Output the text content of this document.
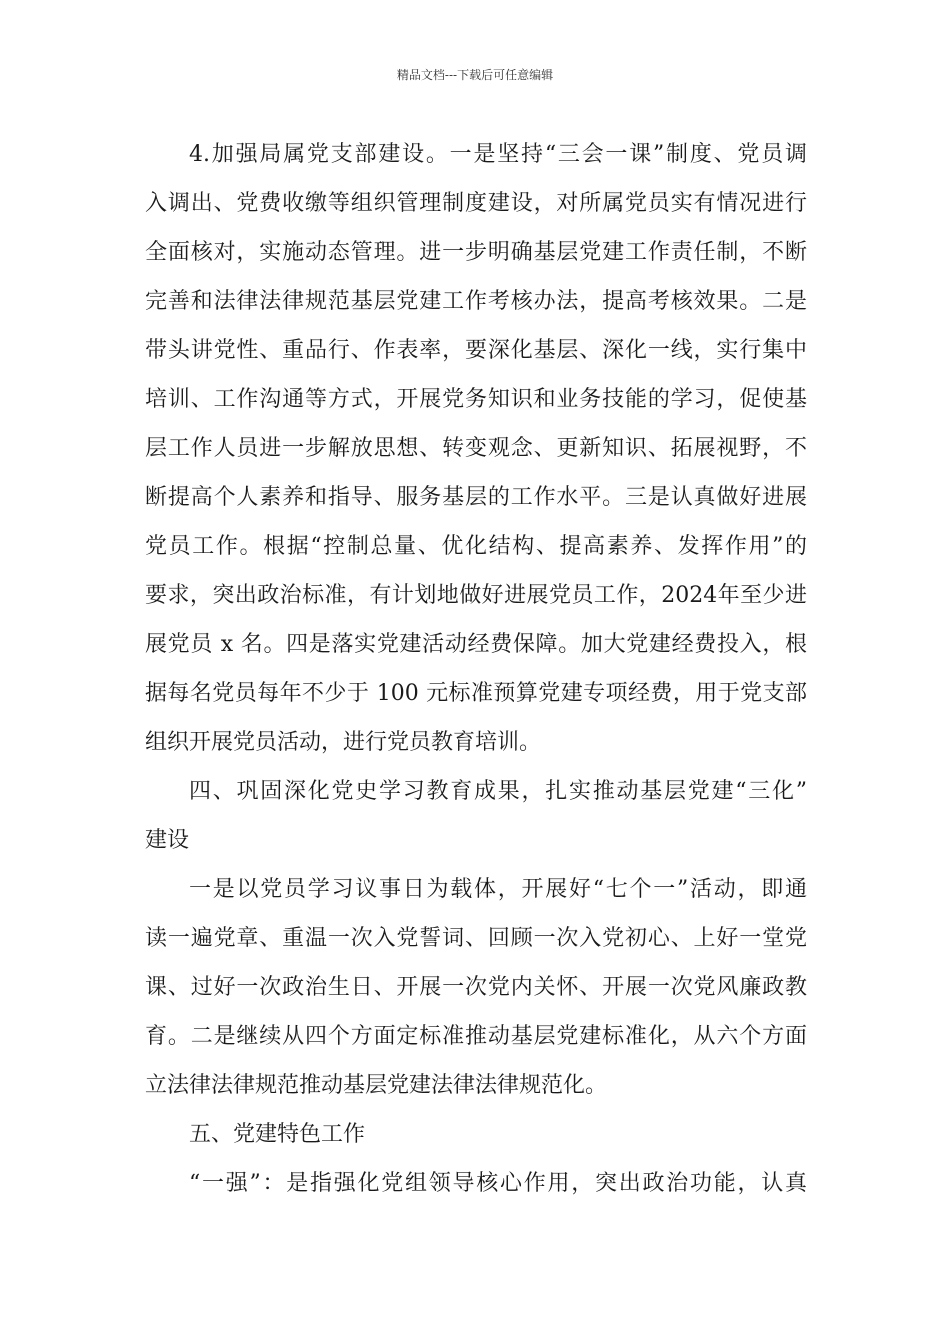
精品文档---下载后可任意编辑
4.加强局属党支部建设。一是坚持“三会一课”制度、党员调
入调出、党费收缴等组织管理制度建设，对所属党员实有情况进行
全面核对，实施动态管理。进一步明确基层党建工作责任制，不断
完善和法律法律规范基层党建工作考核办法，提高考核效果。二是
带头讲党性、重品行、作表率，要深化基层、深化一线，实行集中
培训、工作沟通等方式，开展党务知识和业务技能的学习，促使基
层工作人员进一步解放思想、转变观念、更新知识、拓展视野，不
断提高个人素养和指导、服务基层的工作水平。三是认真做好进展
党员工作。根据“控制总量、优化结构、提高素养、发挥作用”的
要求，突出政治标准，有计划地做好进展党员工作，2024年至少进
展党员 x 名。四是落实党建活动经费保障。加大党建经费投入，根
据每名党员每年不少于 100 元标准预算党建专项经费，用于党支部
组织开展党员活动，进行党员教育培训。
四、巩固深化党史学习教育成果，扎实推动基层党建“三化”
建设
一是以党员学习议事日为载体，开展好“七个一”活动，即通
读一遍党章、重温一次入党誓词、回顾一次入党初心、上好一堂党
课、过好一次政治生日、开展一次党内关怀、开展一次党风廉政教
育。二是继续从四个方面定标准推动基层党建标准化，从六个方面
立法律法律规范推动基层党建法律法律规范化。
五、党建特色工作
“一强”：是指强化党组领导核心作用，突出政治功能，认真
